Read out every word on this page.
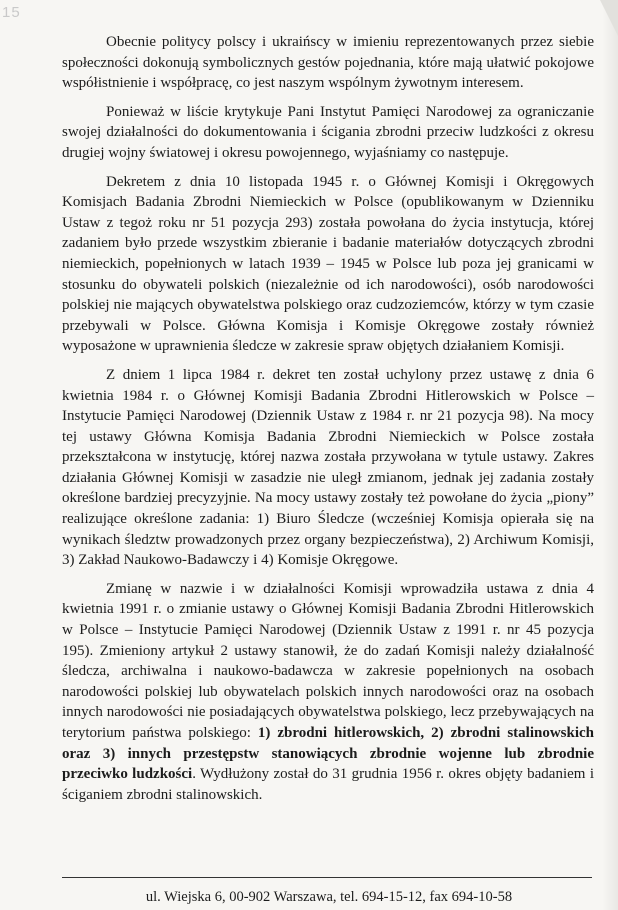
15

Obecnie politycy polscy i ukraińscy w imieniu reprezentowanych przez siebie społeczności dokonują symbolicznych gestów pojednania, które mają ułatwić pokojowe współistnienie i współpracę, co jest naszym wspólnym żywotnym interesem.

Ponieważ w liście krytykuje Pani Instytut Pamięci Narodowej za ograniczanie swojej działalności do dokumentowania i ścigania zbrodni przeciw ludzkości z okresu drugiej wojny światowej i okresu powojennego, wyjaśniamy co następuje.

Dekretem z dnia 10 listopada 1945 r. o Głównej Komisji i Okręgowych Komisjach Badania Zbrodni Niemieckich w Polsce (opublikowanym w Dzienniku Ustaw z tegoż roku nr 51 pozycja 293) została powołana do życia instytucja, której zadaniem było przede wszystkim zbieranie i badanie materiałów dotyczących zbrodni niemieckich, popełnionych w latach 1939 – 1945 w Polsce lub poza jej granicami w stosunku do obywateli polskich (niezależnie od ich narodowości), osób narodowości polskiej nie mających obywatelstwa polskiego oraz cudzoziemców, którzy w tym czasie przebywali w Polsce. Główna Komisja i Komisje Okręgowe zostały również wyposażone w uprawnienia śledcze w zakresie spraw objętych działaniem Komisji.

Z dniem 1 lipca 1984 r. dekret ten został uchylony przez ustawę z dnia 6 kwietnia 1984 r. o Głównej Komisji Badania Zbrodni Hitlerowskich w Polsce – Instytucie Pamięci Narodowej (Dziennik Ustaw z 1984 r. nr 21 pozycja 98). Na mocy tej ustawy Główna Komisja Badania Zbrodni Niemieckich w Polsce została przekształcona w instytucję, której nazwa została przywołana w tytule ustawy. Zakres działania Głównej Komisji w zasadzie nie uległ zmianom, jednak jej zadania zostały określone bardziej precyzyjnie. Na mocy ustawy zostały też powołane do życia „piony” realizujące określone zadania: 1) Biuro Śledcze (wcześniej Komisja opierała się na wynikach śledztw prowadzonych przez organy bezpieczeństwa), 2) Archiwum Komisji, 3) Zakład Naukowo-Badawczy i 4) Komisje Okręgowe.

Zmianę w nazwie i w działalności Komisji wprowadziła ustawa z dnia 4 kwietnia 1991 r. o zmianie ustawy o Głównej Komisji Badania Zbrodni Hitlerowskich w Polsce – Instytucie Pamięci Narodowej (Dziennik Ustaw z 1991 r. nr 45 pozycja 195). Zmieniony artykuł 2 ustawy stanowił, że do zadań Komisji należy działalność śledcza, archiwalna i naukowo-badawcza w zakresie popełnionych na osobach narodowości polskiej lub obywatelach polskich innych narodowości oraz na osobach innych narodowości nie posiadających obywatelstwa polskiego, lecz przebywających na terytorium państwa polskiego: 1) zbrodni hitlerowskich, 2) zbrodni stalinowskich oraz 3) innych przestępstw stanowiących zbrodnie wojenne lub zbrodnie przeciwko ludzkości. Wydłużony został do 31 grudnia 1956 r. okres objęty badaniem i ściganiem zbrodni stalinowskich.

ul. Wiejska 6, 00-902 Warszawa, tel. 694-15-12, fax 694-10-58
